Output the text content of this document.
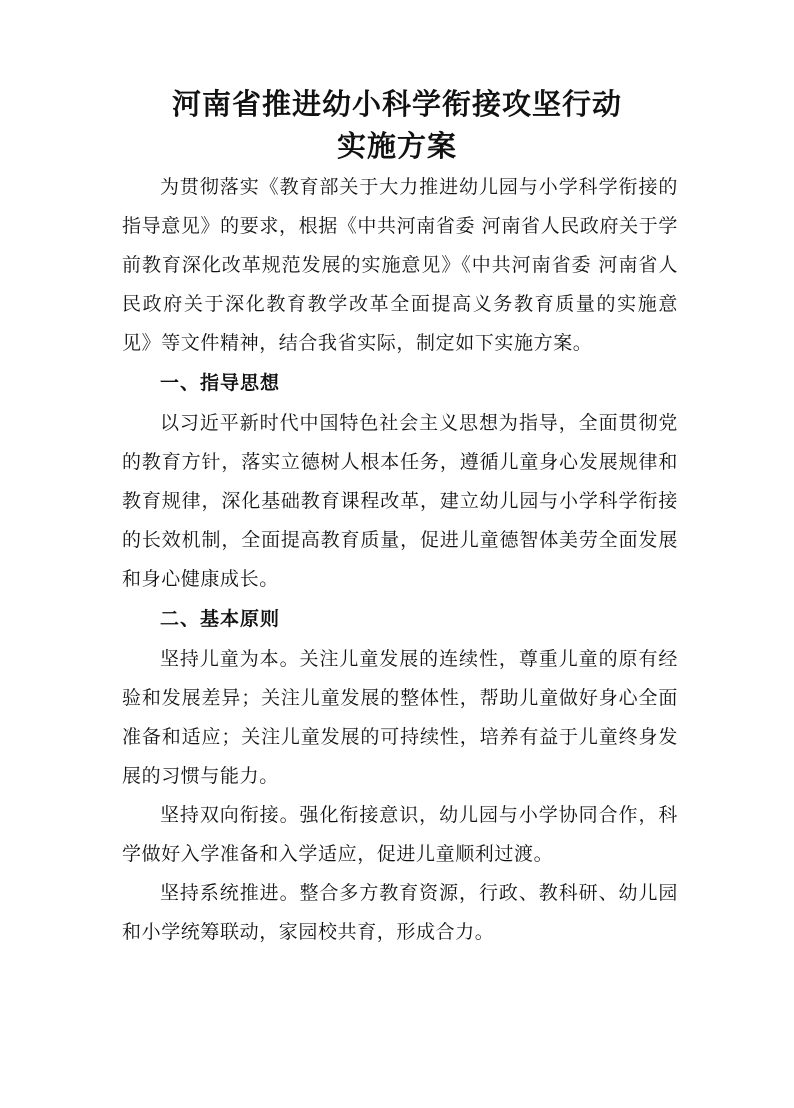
河南省推进幼小科学衔接攻坚行动
实施方案

为贯彻落实《教育部关于大力推进幼儿园与小学科学衔接的指导意见》的要求，根据《中共河南省委 河南省人民政府关于学前教育深化改革规范发展的实施意见》《中共河南省委 河南省人民政府关于深化教育教学改革全面提高义务教育质量的实施意见》等文件精神，结合我省实际，制定如下实施方案。

一、指导思想

以习近平新时代中国特色社会主义思想为指导，全面贯彻党的教育方针，落实立德树人根本任务，遵循儿童身心发展规律和教育规律，深化基础教育课程改革，建立幼儿园与小学科学衔接的长效机制，全面提高教育质量，促进儿童德智体美劳全面发展和身心健康成长。

二、基本原则

坚持儿童为本。关注儿童发展的连续性，尊重儿童的原有经验和发展差异；关注儿童发展的整体性，帮助儿童做好身心全面准备和适应；关注儿童发展的可持续性，培养有益于儿童终身发展的习惯与能力。

坚持双向衔接。强化衔接意识，幼儿园与小学协同合作，科学做好入学准备和入学适应，促进儿童顺利过渡。

坚持系统推进。整合多方教育资源，行政、教科研、幼儿园和小学统筹联动，家园校共育，形成合力。
